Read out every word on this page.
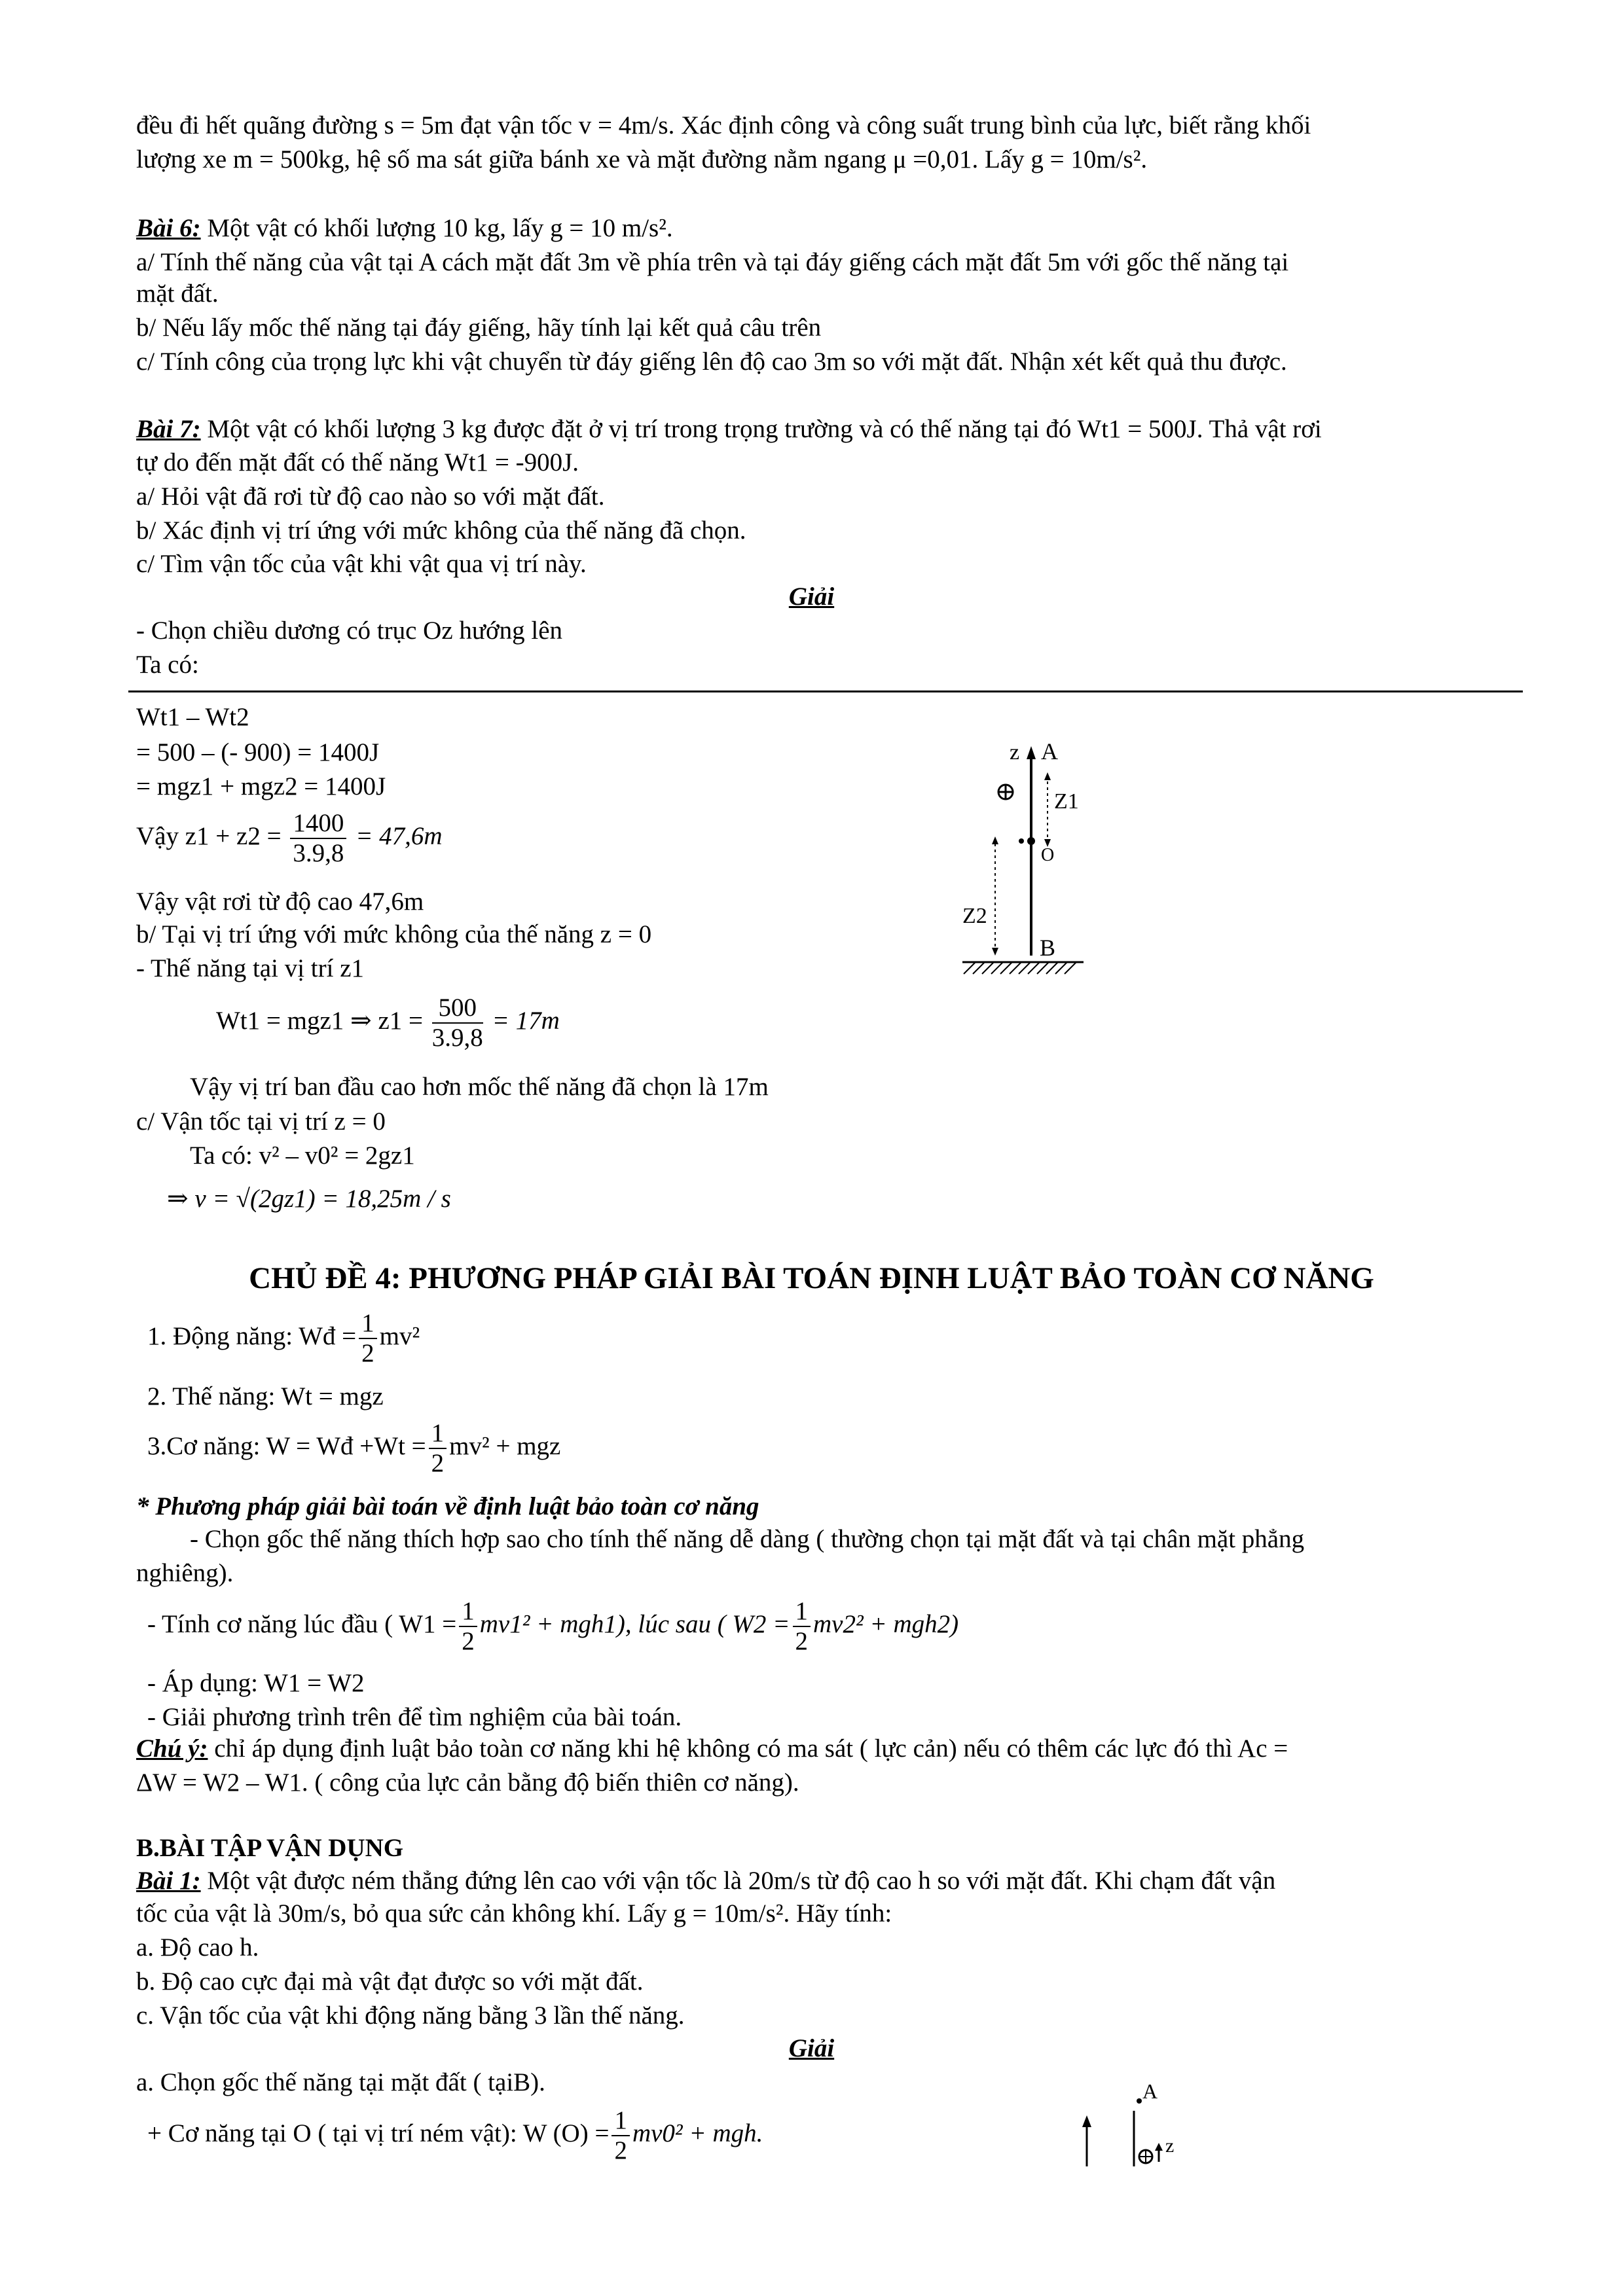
đều đi hết quãng đường s = 5m đạt vận tốc v = 4m/s. Xác định công và công suất trung bình của lực, biết rằng khối
lượng xe m = 500kg, hệ số ma sát giữa bánh xe và mặt đường nằm ngang μ =0,01. Lấy g = 10m/s².
Bài 6: Một vật có khối lượng 10 kg, lấy g = 10 m/s².
a/ Tính thế năng của vật tại A cách mặt đất 3m về phía trên và tại đáy giếng cách mặt đất 5m với gốc thế năng tại
mặt đất.
b/ Nếu lấy mốc thế năng tại đáy giếng, hãy tính lại kết quả câu trên
c/ Tính công của trọng lực khi vật chuyển từ đáy giếng lên độ cao 3m so với mặt đất. Nhận xét kết quả thu được.
Bài 7: Một vật có khối lượng 3 kg được đặt ở vị trí trong trọng trường và có thế năng tại đó Wt1 = 500J. Thả vật rơi
tự do đến mặt đất có thế năng Wt1 = -900J.
a/ Hỏi vật đã rơi từ độ cao nào so với mặt đất.
b/ Xác định vị trí ứng với mức không của thế năng đã chọn.
c/ Tìm vận tốc của vật khi vật qua vị trí này.
Giải
- Chọn chiều dương có trục Oz hướng lên
Ta có:
Wt1 – Wt2
= 500 – (- 900) = 1400J
= mgz1 + mgz2 = 1400J
Vậy $z1 + z2 = \frac{1400}{3.9,8} = 47,6m$
Vậy vật rơi từ độ cao 47,6m
b/ Tại vị trí ứng với mức không của thế năng z = 0
- Thế năng tại vị trí z1
Wt1 = mgz1 ⇒ $z1 = \frac{500}{3.9,8} = 17m$
Vậy vị trí ban đầu cao hơn mốc thế năng đã chọn là 17m
c/ Vận tốc tại vị trí z = 0
Ta có: v² – v0² = 2gz1
⇒ v = √(2gz1) = 18,25m / s
z A
Z1
O
Z2
B
CHỦ ĐỀ 4: PHƯƠNG PHÁP GIẢI BÀI TOÁN ĐỊNH LUẬT BẢO TOÀN CƠ NĂNG
1. Động năng: Wđ = $\frac{1}{2} mv^2$
2. Thế năng: Wt = mgz
3.Cơ năng: W = Wđ $+Wt = \frac{1}{2} mv^2$ + mgz
* Phương pháp giải bài toán về định luật bảo toàn cơ năng
- Chọn gốc thế năng thích hợp sao cho tính thế năng dễ dàng ( thường chọn tại mặt đất và tại chân mặt phẳng
nghiêng).
- Tính cơ năng lúc đầu ( $W1 = \frac{1}{2} mv1^2 + mgh1$), lúc sau ( $W2 = \frac{1}{2} mv2^2 + mgh2$)
- Áp dụng: W1 = W2
- Giải phương trình trên để tìm nghiệm của bài toán.
Chú ý: chỉ áp dụng định luật bảo toàn cơ năng khi hệ không có ma sát ( lực cản) nếu có thêm các lực đó thì Ac =
ΔW = W2 – W1. ( công của lực cản bằng độ biến thiên cơ năng).
B.BÀI TẬP VẬN DỤNG
Bài 1: Một vật được ném thẳng đứng lên cao với vận tốc là 20m/s từ độ cao h so với mặt đất. Khi chạm đất vận
tốc của vật là 30m/s, bỏ qua sức cản không khí. Lấy g = 10m/s². Hãy tính:
a. Độ cao h.
b. Độ cao cực đại mà vật đạt được so với mặt đất.
c. Vận tốc của vật khi động năng bằng 3 lần thế năng.
Giải
a. Chọn gốc thế năng tại mặt đất ( tạiB).
+ Cơ năng tại O ( tại vị trí ném vật): W $(O) = \frac{1}{2} mv0^2$ + mgh.
A
z
